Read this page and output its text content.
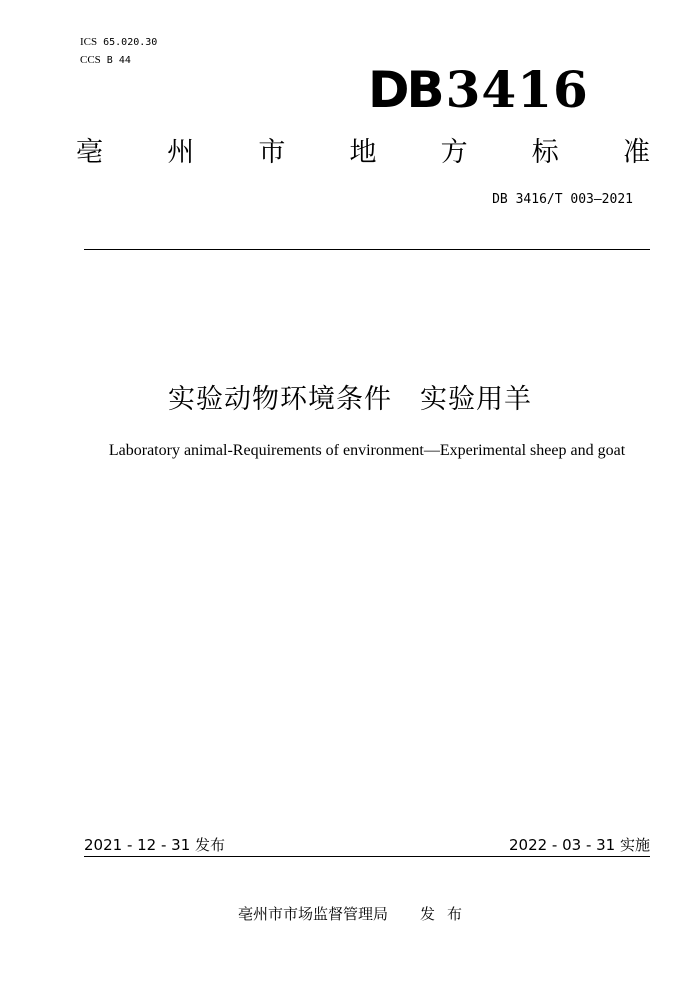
ICS 65.020.30
CCS B 44
DB3416
亳 州 市 地 方 标 准
DB 3416/T 003—2021
实验动物环境条件 实验用羊
Laboratory animal-Requirements of environment—Experimental sheep and goat
2021 - 12 - 31 发布	2022 - 03 - 31 实施
亳州市市场监督管理局 发布
